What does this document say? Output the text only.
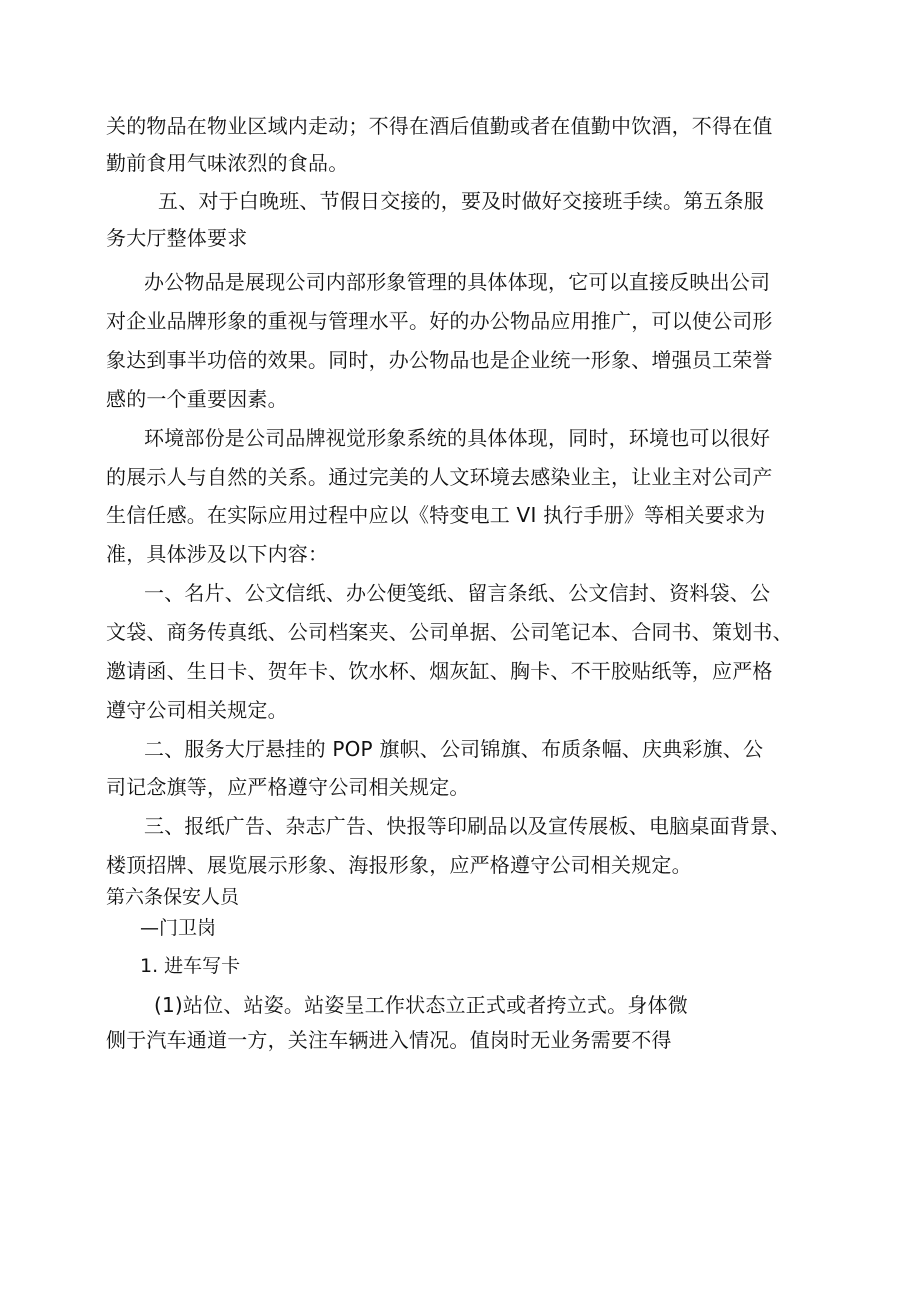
关的物品在物业区域内走动；不得在酒后值勤或者在值勤中饮酒，不得在值
勤前食用气味浓烈的食品。
五、对于白晚班、节假日交接的，要及时做好交接班手续。第五条服
务大厅整体要求
办公物品是展现公司内部形象管理的具体体现，它可以直接反映出公司
对企业品牌形象的重视与管理水平。好的办公物品应用推广，可以使公司形
象达到事半功倍的效果。同时，办公物品也是企业统一形象、增强员工荣誉
感的一个重要因素。
环境部份是公司品牌视觉形象系统的具体体现，同时，环境也可以很好
的展示人与自然的关系。通过完美的人文环境去感染业主，让业主对公司产
生信任感。在实际应用过程中应以《特变电工 VI 执行手册》等相关要求为
准，具体涉及以下内容：
一、名片、公文信纸、办公便笺纸、留言条纸、公文信封、资料袋、公
文袋、商务传真纸、公司档案夹、公司单据、公司笔记本、合同书、策划书、
邀请函、生日卡、贺年卡、饮水杯、烟灰缸、胸卡、不干胶贴纸等，应严格
遵守公司相关规定。
二、服务大厅悬挂的 POP 旗帜、公司锦旗、布质条幅、庆典彩旗、公
司记念旗等，应严格遵守公司相关规定。
三、报纸广告、杂志广告、快报等印刷品以及宣传展板、电脑桌面背景、
楼顶招牌、展览展示形象、海报形象，应严格遵守公司相关规定。
第六条保安人员
—门卫岗
1. 进车写卡
(1)站位、站姿。站姿呈工作状态立正式或者挎立式。身体微
侧于汽车通道一方，关注车辆进入情况。值岗时无业务需要不得
